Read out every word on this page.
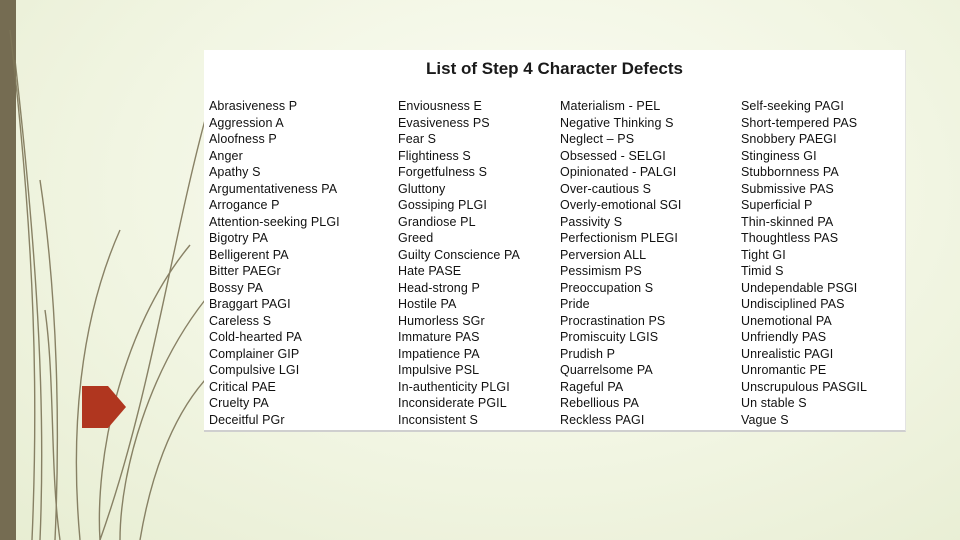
List of Step 4 Character Defects
Abrasiveness P
Aggression A
Aloofness P
Anger
Apathy S
Argumentativeness PA
Arrogance P
Attention-seeking PLGI
Bigotry PA
Belligerent PA
Bitter PAEGr
Bossy PA
Braggart PAGI
Careless S
Cold-hearted PA
Complainer GIP
Compulsive LGI
Critical PAE
Cruelty PA
Deceitful PGr
Enviousness E
Evasiveness PS
Fear S
Flightiness S
Forgetfulness S
Gluttony
Gossiping PLGI
Grandiose PL
Greed
Guilty Conscience PA
Hate PASE
Head-strong P
Hostile PA
Humorless SGr
Immature PAS
Impatience PA
Impulsive PSL
In-authenticity PLGI
Inconsiderate PGIL
Inconsistent S
Materialism - PEL
Negative Thinking S
Neglect – PS
Obsessed - SELGI
Opinionated - PALGI
Over-cautious S
Overly-emotional SGI
Passivity S
Perfectionism PLEGI
Perversion ALL
Pessimism PS
Preoccupation S
Pride
Procrastination PS
Promiscuity LGIS
Prudish P
Quarrelsome PA
Rageful PA
Rebellious PA
Reckless PAGI
Self-seeking PAGI
Short-tempered PAS
Snobbery PAEGI
Stinginess GI
Stubbornness PA
Submissive PAS
Superficial P
Thin-skinned PA
Thoughtless PAS
Tight GI
Timid S
Undependable PSGI
Undisciplined PAS
Unemotional PA
Unfriendly PAS
Unrealistic PAGI
Unromantic PE
Unscrupulous PASGIL
Un stable S
Vague S
